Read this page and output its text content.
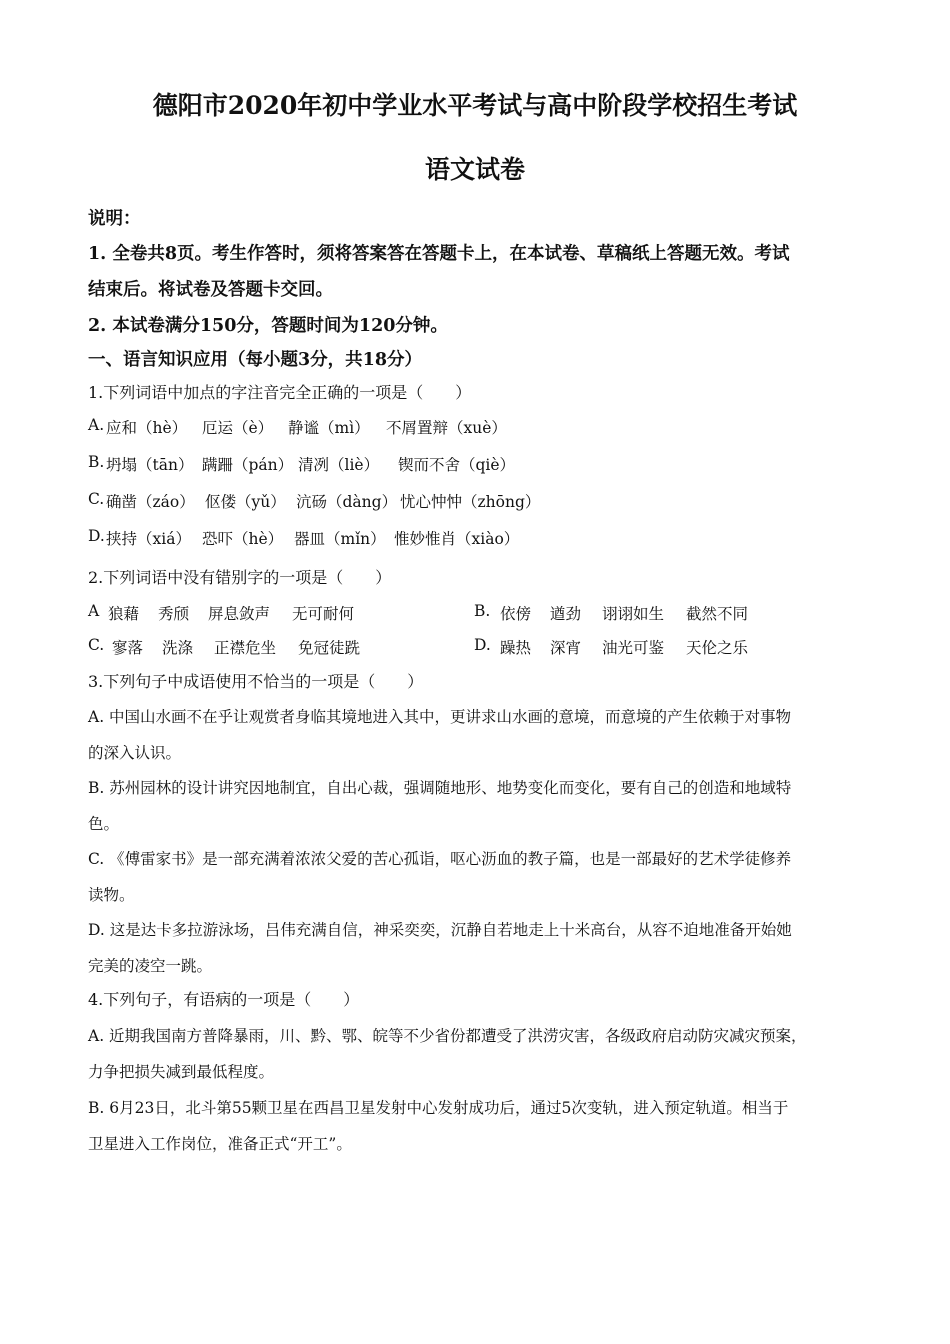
德阳市2020年初中学业水平考试与高中阶段学校招生考试
语文试卷
说明：
1. 全卷共8页。考生作答时，须将答案答在答题卡上，在本试卷、草稿纸上答题无效。考试
结束后。将试卷及答题卡交回。
2. 本试卷满分150分，答题时间为120分钟。
一、语言知识应用（每小题3分，共18分）
1.下列词语中加点的字注音完全正确的一项是（　　）
A. 应和（hè） 厄运（è） 静谧（mì） 不屑置辩（xuè）
B. 坍塌（tān） 蹒跚（pán） 清冽（liè） 锲而不舍（qiè）
C. 确凿（záo） 伛偻（yǔ） 沆砀（dàng） 忧心忡忡（zhōng）
D. 挟持（xiá） 恐吓（hè） 器皿（mǐn） 惟妙惟肖（xiào）
2.下列词语中没有错别字的一项是（　　）
A 狼藉 秀颀 屏息敛声 无可耐何	B. 依傍 遒劲 诩诩如生 截然不同
C. 寥落 洗涤 正襟危坐 免冠徒跣	D. 躁热 深宵 油光可鉴 天伦之乐
3.下列句子中成语使用不恰当的一项是（　　）
A. 中国山水画不在乎让观赏者身临其境地进入其中，更讲求山水画的意境，而意境的产生依赖于对事物
的深入认识。
B. 苏州园林的设计讲究因地制宜，自出心裁，强调随地形、地势变化而变化，要有自己的创造和地域特
色。
C. 《傅雷家书》是一部充满着浓浓父爱的苦心孤诣，呕心沥血的教子篇，也是一部最好的艺术学徒修养
读物。
D. 这是达卡多拉游泳场，吕伟充满自信，神采奕奕，沉静自若地走上十米高台，从容不迫地准备开始她
完美的凌空一跳。
4.下列句子，有语病的一项是（　　）
A. 近期我国南方普降暴雨，川、黔、鄂、皖等不少省份都遭受了洪涝灾害，各级政府启动防灾减灾预案，
力争把损失减到最低程度。
B. 6月23日，北斗第55颗卫星在西昌卫星发射中心发射成功后，通过5次变轨，进入预定轨道。相当于
卫星进入工作岗位，准备正式“开工”。
